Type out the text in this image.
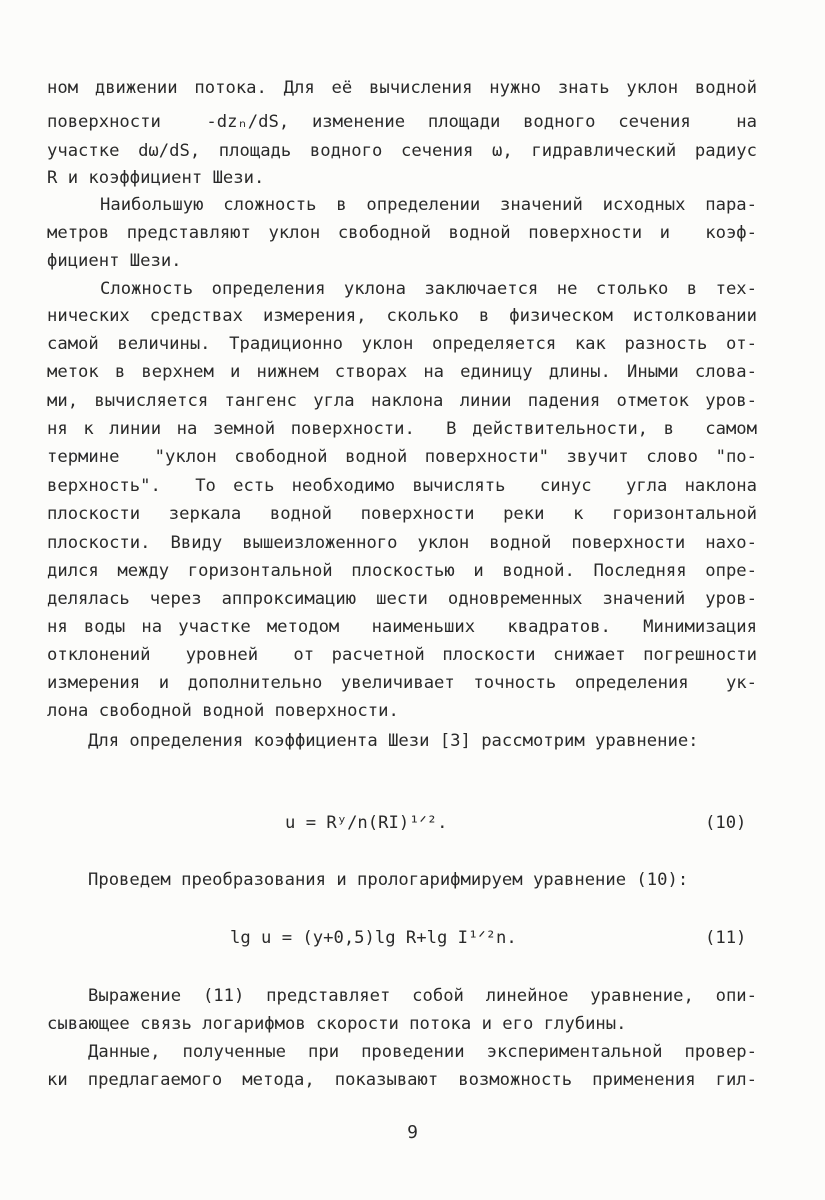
ном движении потока. Для её вычисления нужно знать уклон водной
поверхности  -dzₙ/dS, изменение площади водного сечения  на
участке dω/dS, площадь водного сечения ω, гидравлический радиус
R и коэффициент Шези.
Наибольшую сложность в определении значений исходных пара-
метров представляют уклон свободной водной поверхности и  коэф-
фициент Шези.
Сложность определения уклона заключается не столько в тех-
нических средствах измерения, сколько в физическом истолковании
самой величины. Традиционно уклон определяется как разность от-
меток в верхнем и нижнем створах на единицу длины. Иными слова-
ми, вычисляется тангенс угла наклона линии падения отметок уров-
ня к линии на земной поверхности.  В действительности, в  самом
термине  "уклон свободной водной поверхности" звучит слово "по-
верхность".  То есть необходимо вычислять  синус  угла наклона
плоскости  зеркала  водной  поверхности  реки  к  горизонтальной
плоскости. Ввиду вышеизложенного уклон водной поверхности нахо-
дился между горизонтальной плоскостью и водной. Последняя опре-
делялась через аппроксимацию шести одновременных значений уров-
ня воды на участке методом  наименьших  квадратов.  Минимизация
отклонений  уровней  от расчетной плоскости снижает погрешности
измерения и дополнительно увеличивает точность определения  ук-
лона свободной водной поверхности.
Для определения коэффициента Шези [3] рассмотрим уравнение:
u = Rʸ/n(RI)¹ᐟ².	(10)
Проведем преобразования и прологарифмируем уравнение (10):
lg u = (y+0,5)lg R+lg I¹ᐟ²n.	(11)
Выражение (11) представляет собой линейное уравнение, опи-
сывающее связь логарифмов скорости потока и его глубины.
Данные, полученные при проведении экспериментальной провер-
ки предлагаемого метода, показывают возможность применения гил-
9
